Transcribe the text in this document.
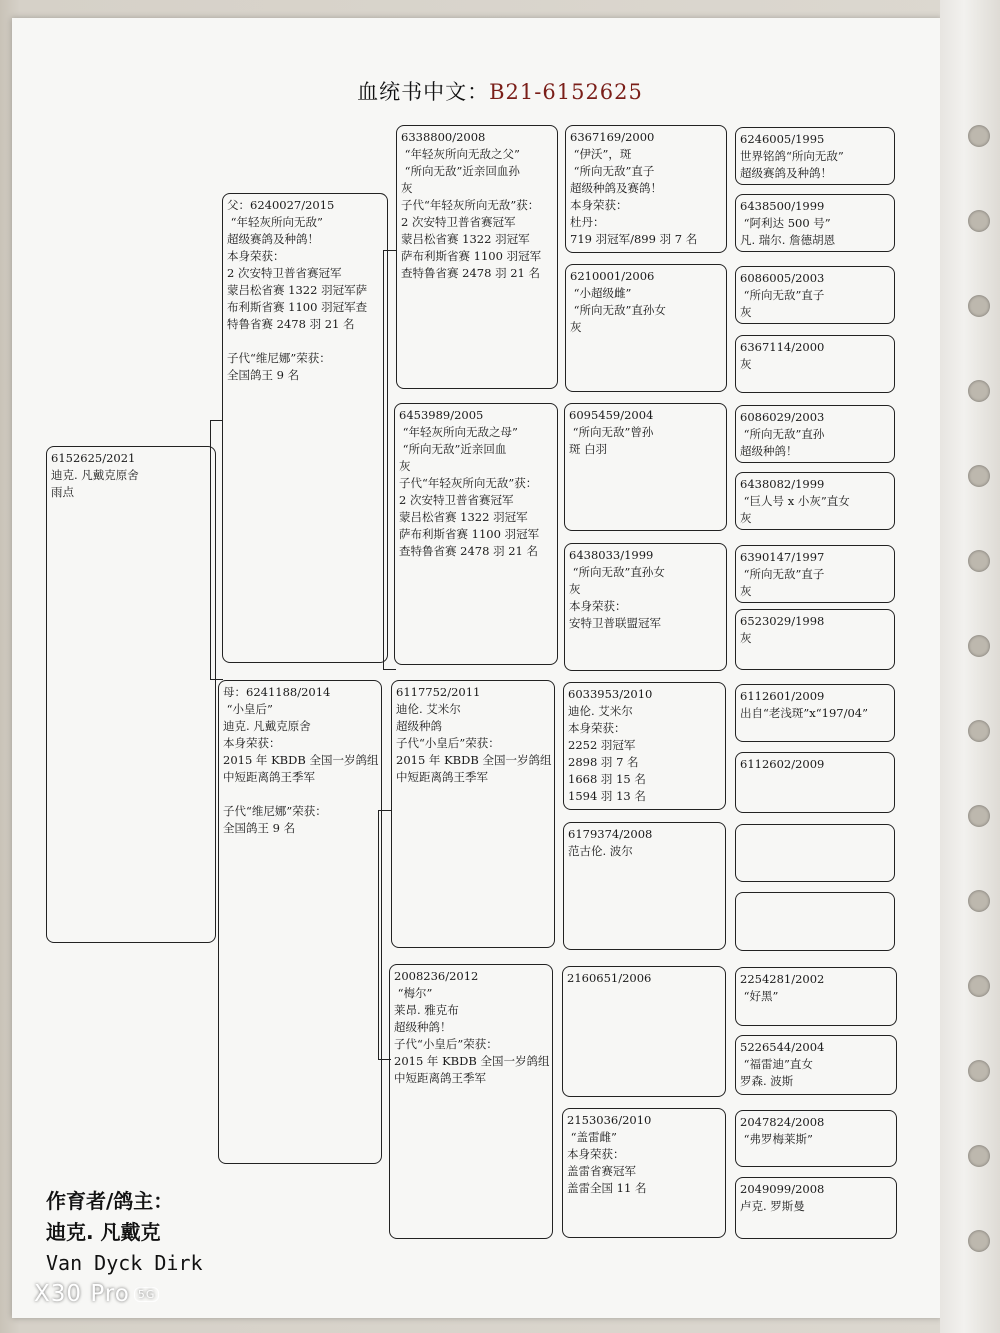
血统书中文：B21-6152625
6152625/2021
迪克. 凡戴克原舍
雨点
父：6240027/2015
“年轻灰所向无敌”
超级赛鸽及种鸽！
本身荣获：
2 次安特卫普省赛冠军
蒙吕松省赛 1322 羽冠军萨
布利斯省赛 1100 羽冠军查
特鲁省赛 2478 羽 21 名

子代“维尼娜”荣获：
全国鸽王 9 名
母：6241188/2014
“小皇后”
迪克. 凡戴克原舍
本身荣获：
2015 年 KBDB 全国一岁鸽组
中短距离鸽王季军

子代“维尼娜”荣获：
全国鸽王 9 名
6338800/2008
“年轻灰所向无敌之父”
“所向无敌”近亲回血孙
灰
子代“年轻灰所向无敌”获：
2 次安特卫普省赛冠军
蒙吕松省赛 1322 羽冠军
萨布利斯省赛 1100 羽冠军
查特鲁省赛 2478 羽 21 名
6453989/2005
“年轻灰所向无敌之母”
“所向无敌”近亲回血
灰
子代“年轻灰所向无敌”获：
2 次安特卫普省赛冠军
蒙吕松省赛 1322 羽冠军
萨布利斯省赛 1100 羽冠军
查特鲁省赛 2478 羽 21 名
6117752/2011
迪伦. 艾米尔
超级种鸽
子代“小皇后”荣获：
2015 年 KBDB 全国一岁鸽组
中短距离鸽王季军
2008236/2012
“梅尔”
莱昂. 雅克布
超级种鸽！
子代“小皇后”荣获：
2015 年 KBDB 全国一岁鸽组
中短距离鸽王季军
6367169/2000
“伊沃”，斑
“所向无敌”直子
超级种鸽及赛鸽！
本身荣获：
杜丹：
719 羽冠军/899 羽 7 名
6210001/2006
“小超级雌”
“所向无敌”直孙女
灰
6095459/2004
“所向无敌”曾孙
斑 白羽
6438033/1999
“所向无敌”直孙女
灰
本身荣获：
安特卫普联盟冠军
6033953/2010
迪伦. 艾米尔
本身荣获：
2252 羽冠军
2898 羽 7 名
1668 羽 15 名
1594 羽 13 名
6179374/2008
范古伦. 波尔
2160651/2006
2153036/2010
“盖雷雌”
本身荣获：
盖雷省赛冠军
盖雷全国 11 名
6246005/1995
世界铭鸽“所向无敌”
超级赛鸽及种鸽！
6438500/1999
“阿利达 500 号”
凡. 瑞尔. 詹德胡恩
6086005/2003
“所向无敌”直子
灰
6367114/2000
灰
6086029/2003
“所向无敌”直孙
超级种鸽！
6438082/1999
“巨人号 x 小灰”直女
灰
6390147/1997
“所向无敌”直子
灰
6523029/1998
灰
6112601/2009
出自“老浅斑”x“197/04”
6112602/2009
2254281/2002
“好黑”
5226544/2004
“福雷迪”直女
罗森. 波斯
2047824/2008
“弗罗梅莱斯”
2049099/2008
卢克. 罗斯曼
作育者/鸽主：
迪克. 凡戴克
Van Dyck Dirk
X30 Pro 5G
